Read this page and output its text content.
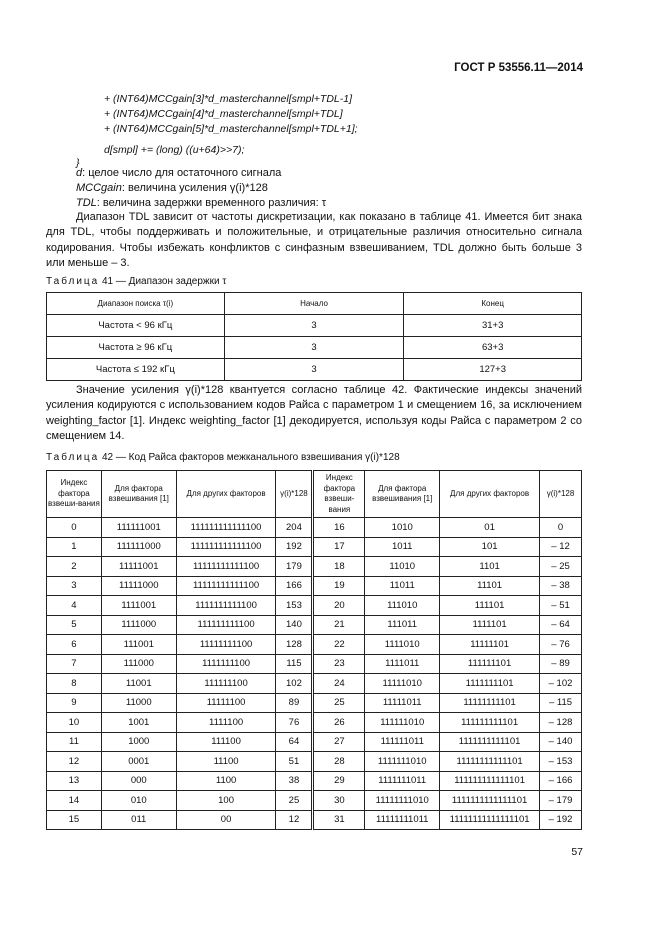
ГОСТ Р 53556.11—2014
+ (INT64)MCCgain[3]*d_masterchannel[smpl+TDL-1]
+ (INT64)MCCgain[4]*d_masterchannel[smpl+TDL]
+ (INT64)MCCgain[5]*d_masterchannel[smpl+TDL+1];
d[smpl] += (long) ((u+64)>>7);
}
d: целое число для остаточного сигнала
MCCgain: величина усиления γ(i)*128
TDL: величина задержки временного различия: τ
Диапазон TDL зависит от частоты дискретизации, как показано в таблице 41. Имеется бит знака для TDL, чтобы поддерживать и положительные, и отрицательные различия относительно сигнала кодирования. Чтобы избежать конфликтов с синфазным взвешиванием, TDL должно быть больше 3 или меньше – 3.
Таблица 41 — Диапазон задержки τ
Диапазон поиска τ(i)	Начало	Конец
Частота < 96 кГц	3	31+3
Частота ≥ 96 кГц	3	63+3
Частота ≤ 192 кГц	3	127+3
Значение усиления γ(i)*128 квантуется согласно таблице 42. Фактические индексы значений усиления кодируются с использованием кодов Райса с параметром 1 и смещением 16, за исключением weighting_factor [1]. Индекс weighting_factor [1] декодируется, используя коды Райса с параметром 2 со смещением 14.
Таблица 42 — Код Райса факторов межканального взвешивания γ(i)*128
Индекс фактора взвеши-вания	Для фактора взвешивания [1]	Для других факторов	γ(i)*128	Индекс фактора взвеши-вания	Для фактора взвешивания [1]	Для других факторов	γ(i)*128
0	111111001	111111111111100	204	16	1010	01	0
1	111111000	111111111111100	192	17	1011	101	– 12
2	11111001	11111111111100	179	18	11010	1101	– 25
3	11111000	11111111111100	166	19	11011	11101	– 38
4	1111001	1111111111100	153	20	111010	111101	– 51
5	1111000	111111111100	140	21	111011	1111101	– 64
6	111001	11111111100	128	22	1111010	11111101	– 76
7	111000	1111111100	115	23	1111011	111111101	– 89
8	11001	111111100	102	24	11111010	1111111101	– 102
9	11000	11111100	89	25	11111011	11111111101	– 115
10	1001	1111100	76	26	111111010	111111111101	– 128
11	1000	111100	64	27	111111011	1111111111101	– 140
12	0001	11100	51	28	1111111010	11111111111101	– 153
13	000	1100	38	29	1111111011	111111111111101	– 166
14	010	100	25	30	11111111010	1111111111111101	– 179
15	011	00	12	31	11111111011	11111111111111101	– 192
57
